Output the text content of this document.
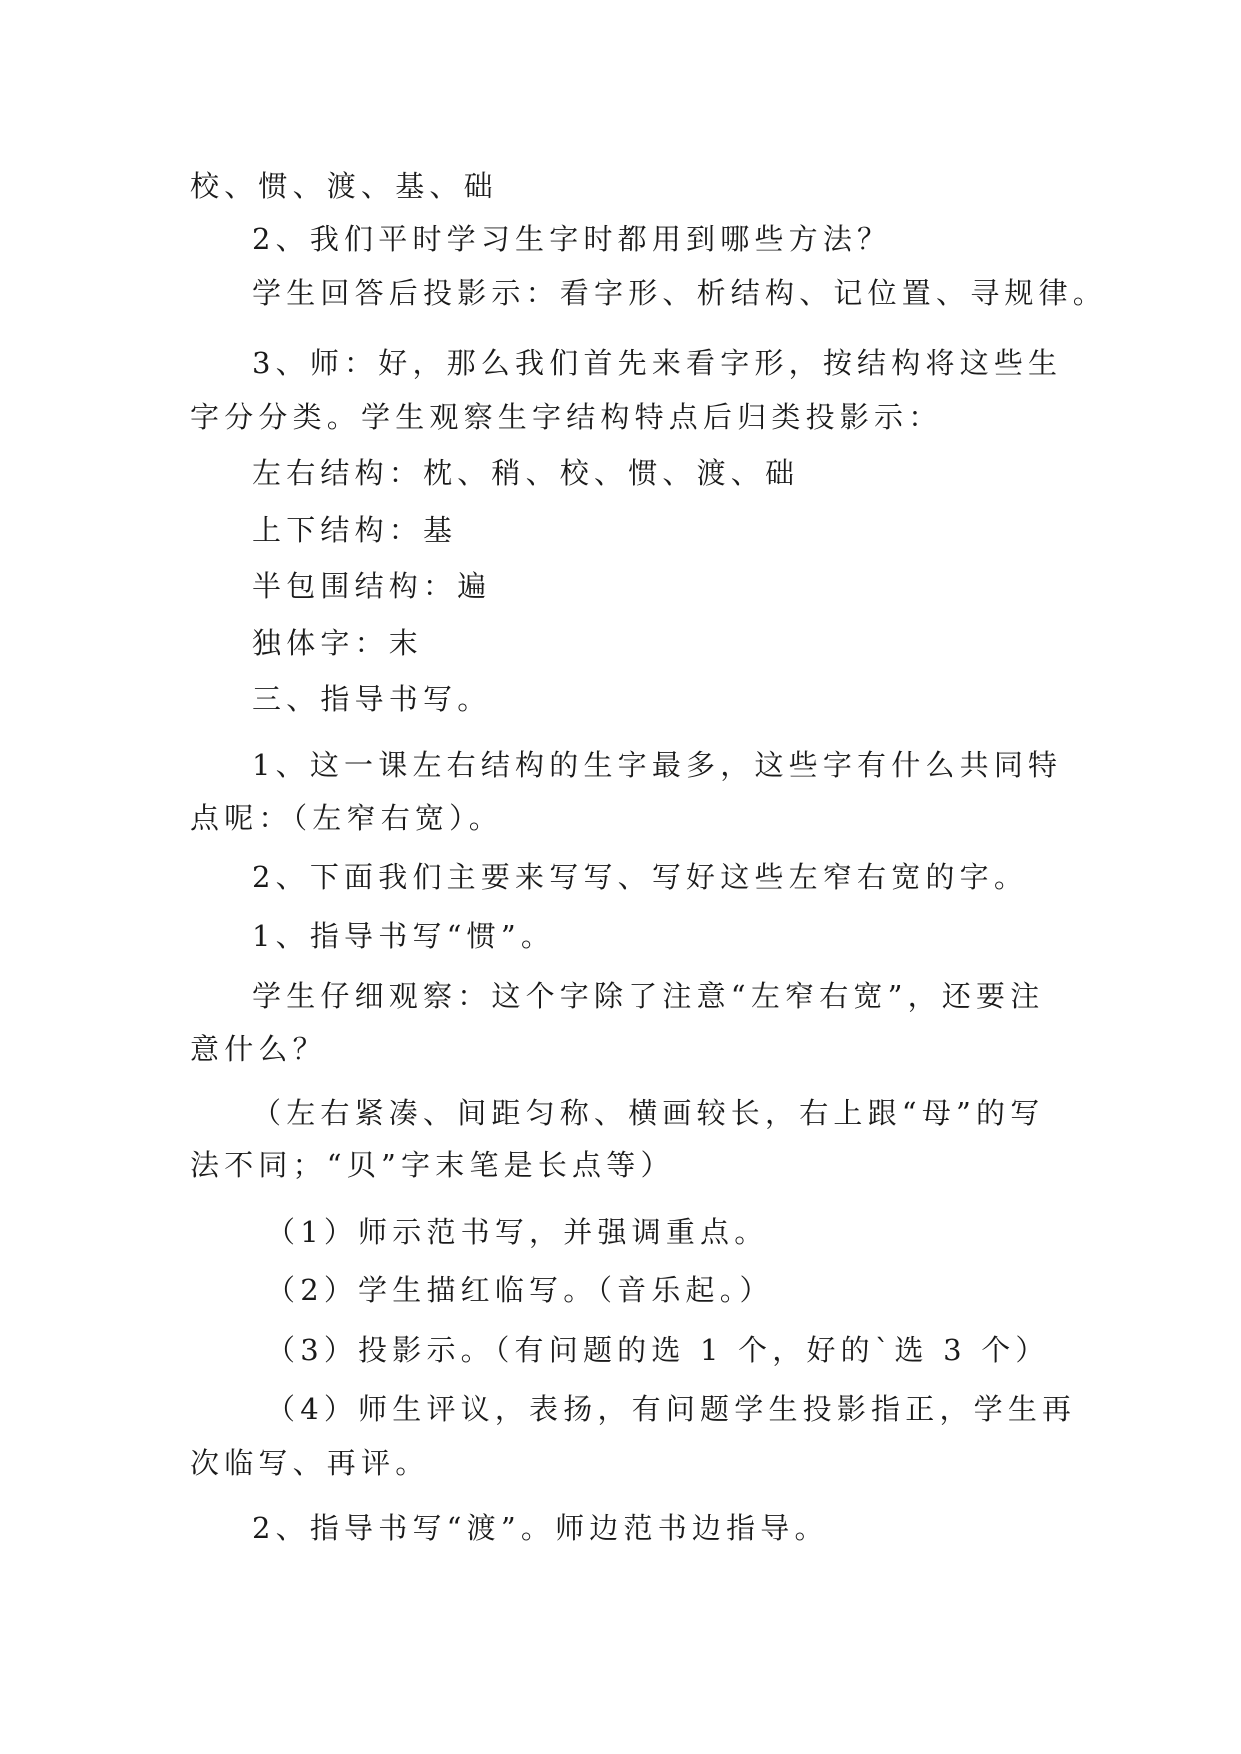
校、惯、渡、基、础
2、我们平时学习生字时都用到哪些方法？
学生回答后投影示：看字形、析结构、记位置、寻规律。
3、师：好，那么我们首先来看字形，按结构将这些生
字分分类。学生观察生字结构特点后归类投影示：
左右结构：枕、稍、校、惯、渡、础
上下结构：基
半包围结构：遍
独体字：末
三、指导书写。
1、这一课左右结构的生字最多，这些字有什么共同特
点呢：（左窄右宽）。
2、下面我们主要来写写、写好这些左窄右宽的字。
1、指导书写“惯”。
学生仔细观察：这个字除了注意“左窄右宽”，还要注
意什么？
（左右紧凑、间距匀称、横画较长，右上跟“母”的写
法不同；“贝”字末笔是长点等）
（1）师示范书写，并强调重点。
（2）学生描红临写。（音乐起。）
（3）投影示。（有问题的选 1 个，好的`选 3 个）
（4）师生评议，表扬，有问题学生投影指正，学生再
次临写、再评。
2、指导书写“渡”。师边范书边指导。
